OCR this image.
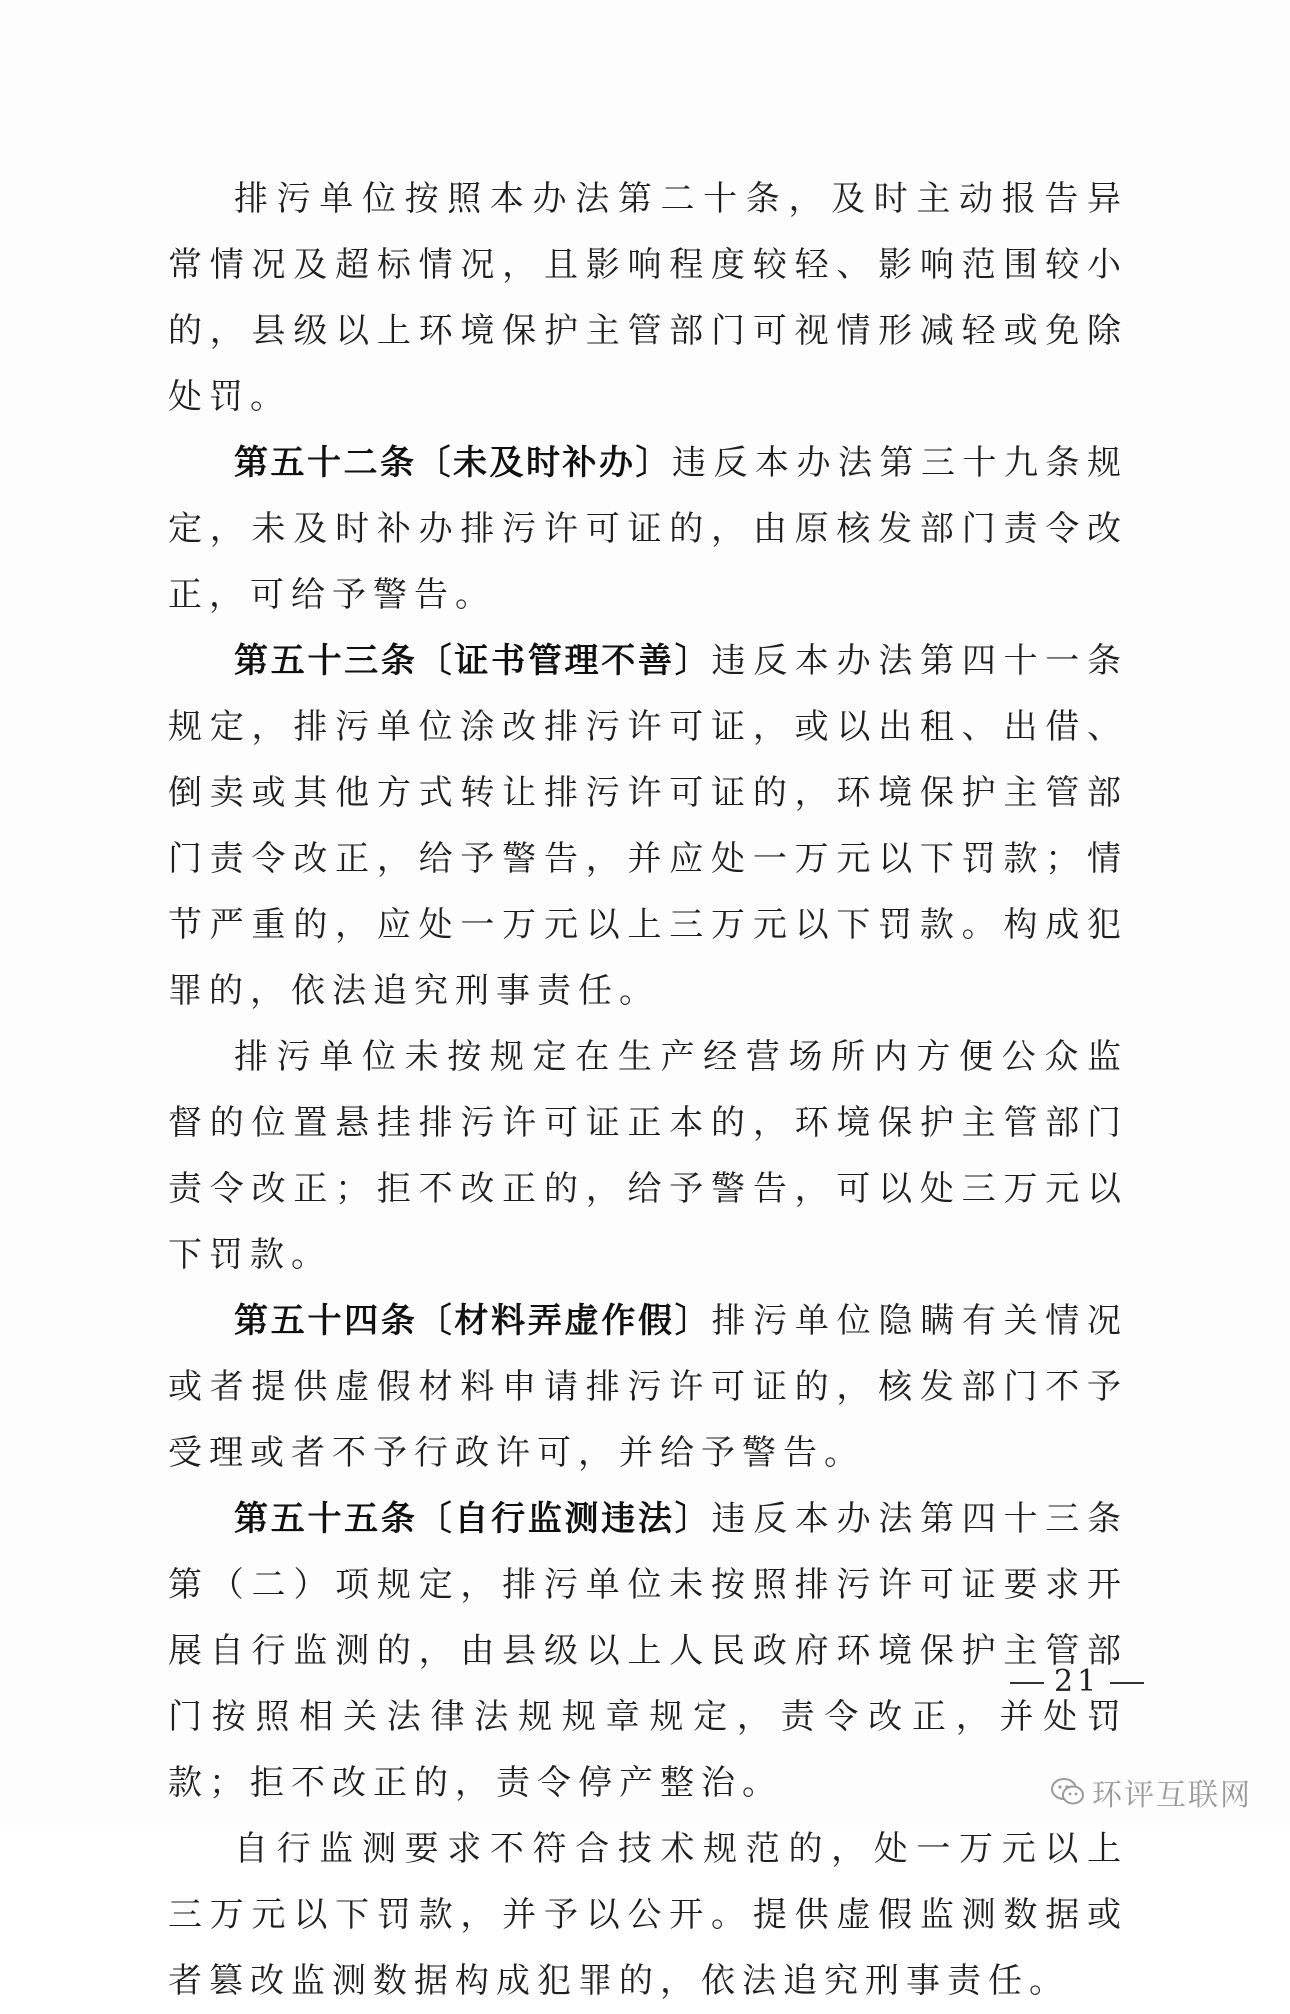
排污单位按照本办法第二十条，及时主动报告异常情况及超标情况，且影响程度较轻、影响范围较小的，县级以上环境保护主管部门可视情形减轻或免除处罚。

第五十二条〔未及时补办〕违反本办法第三十九条规定，未及时补办排污许可证的，由原核发部门责令改正，可给予警告。

第五十三条〔证书管理不善〕违反本办法第四十一条规定，排污单位涂改排污许可证，或以出租、出借、倒卖或其他方式转让排污许可证的，环境保护主管部门责令改正，给予警告，并应处一万元以下罚款；情节严重的，应处一万元以上三万元以下罚款。构成犯罪的，依法追究刑事责任。

排污单位未按规定在生产经营场所内方便公众监督的位置悬挂排污许可证正本的，环境保护主管部门责令改正；拒不改正的，给予警告，可以处三万元以下罚款。

第五十四条〔材料弄虚作假〕排污单位隐瞒有关情况或者提供虚假材料申请排污许可证的，核发部门不予受理或者不予行政许可，并给予警告。

第五十五条〔自行监测违法〕违反本办法第四十三条第（二）项规定，排污单位未按照排污许可证要求开展自行监测的，由县级以上人民政府环境保护主管部门按照相关法律法规规章规定，责令改正，并处罚款；拒不改正的，责令停产整治。

自行监测要求不符合技术规范的，处一万元以上三万元以下罚款，并予以公开。提供虚假监测数据或者篡改监测数据构成犯罪的，依法追究刑事责任。

21
环评互联网
